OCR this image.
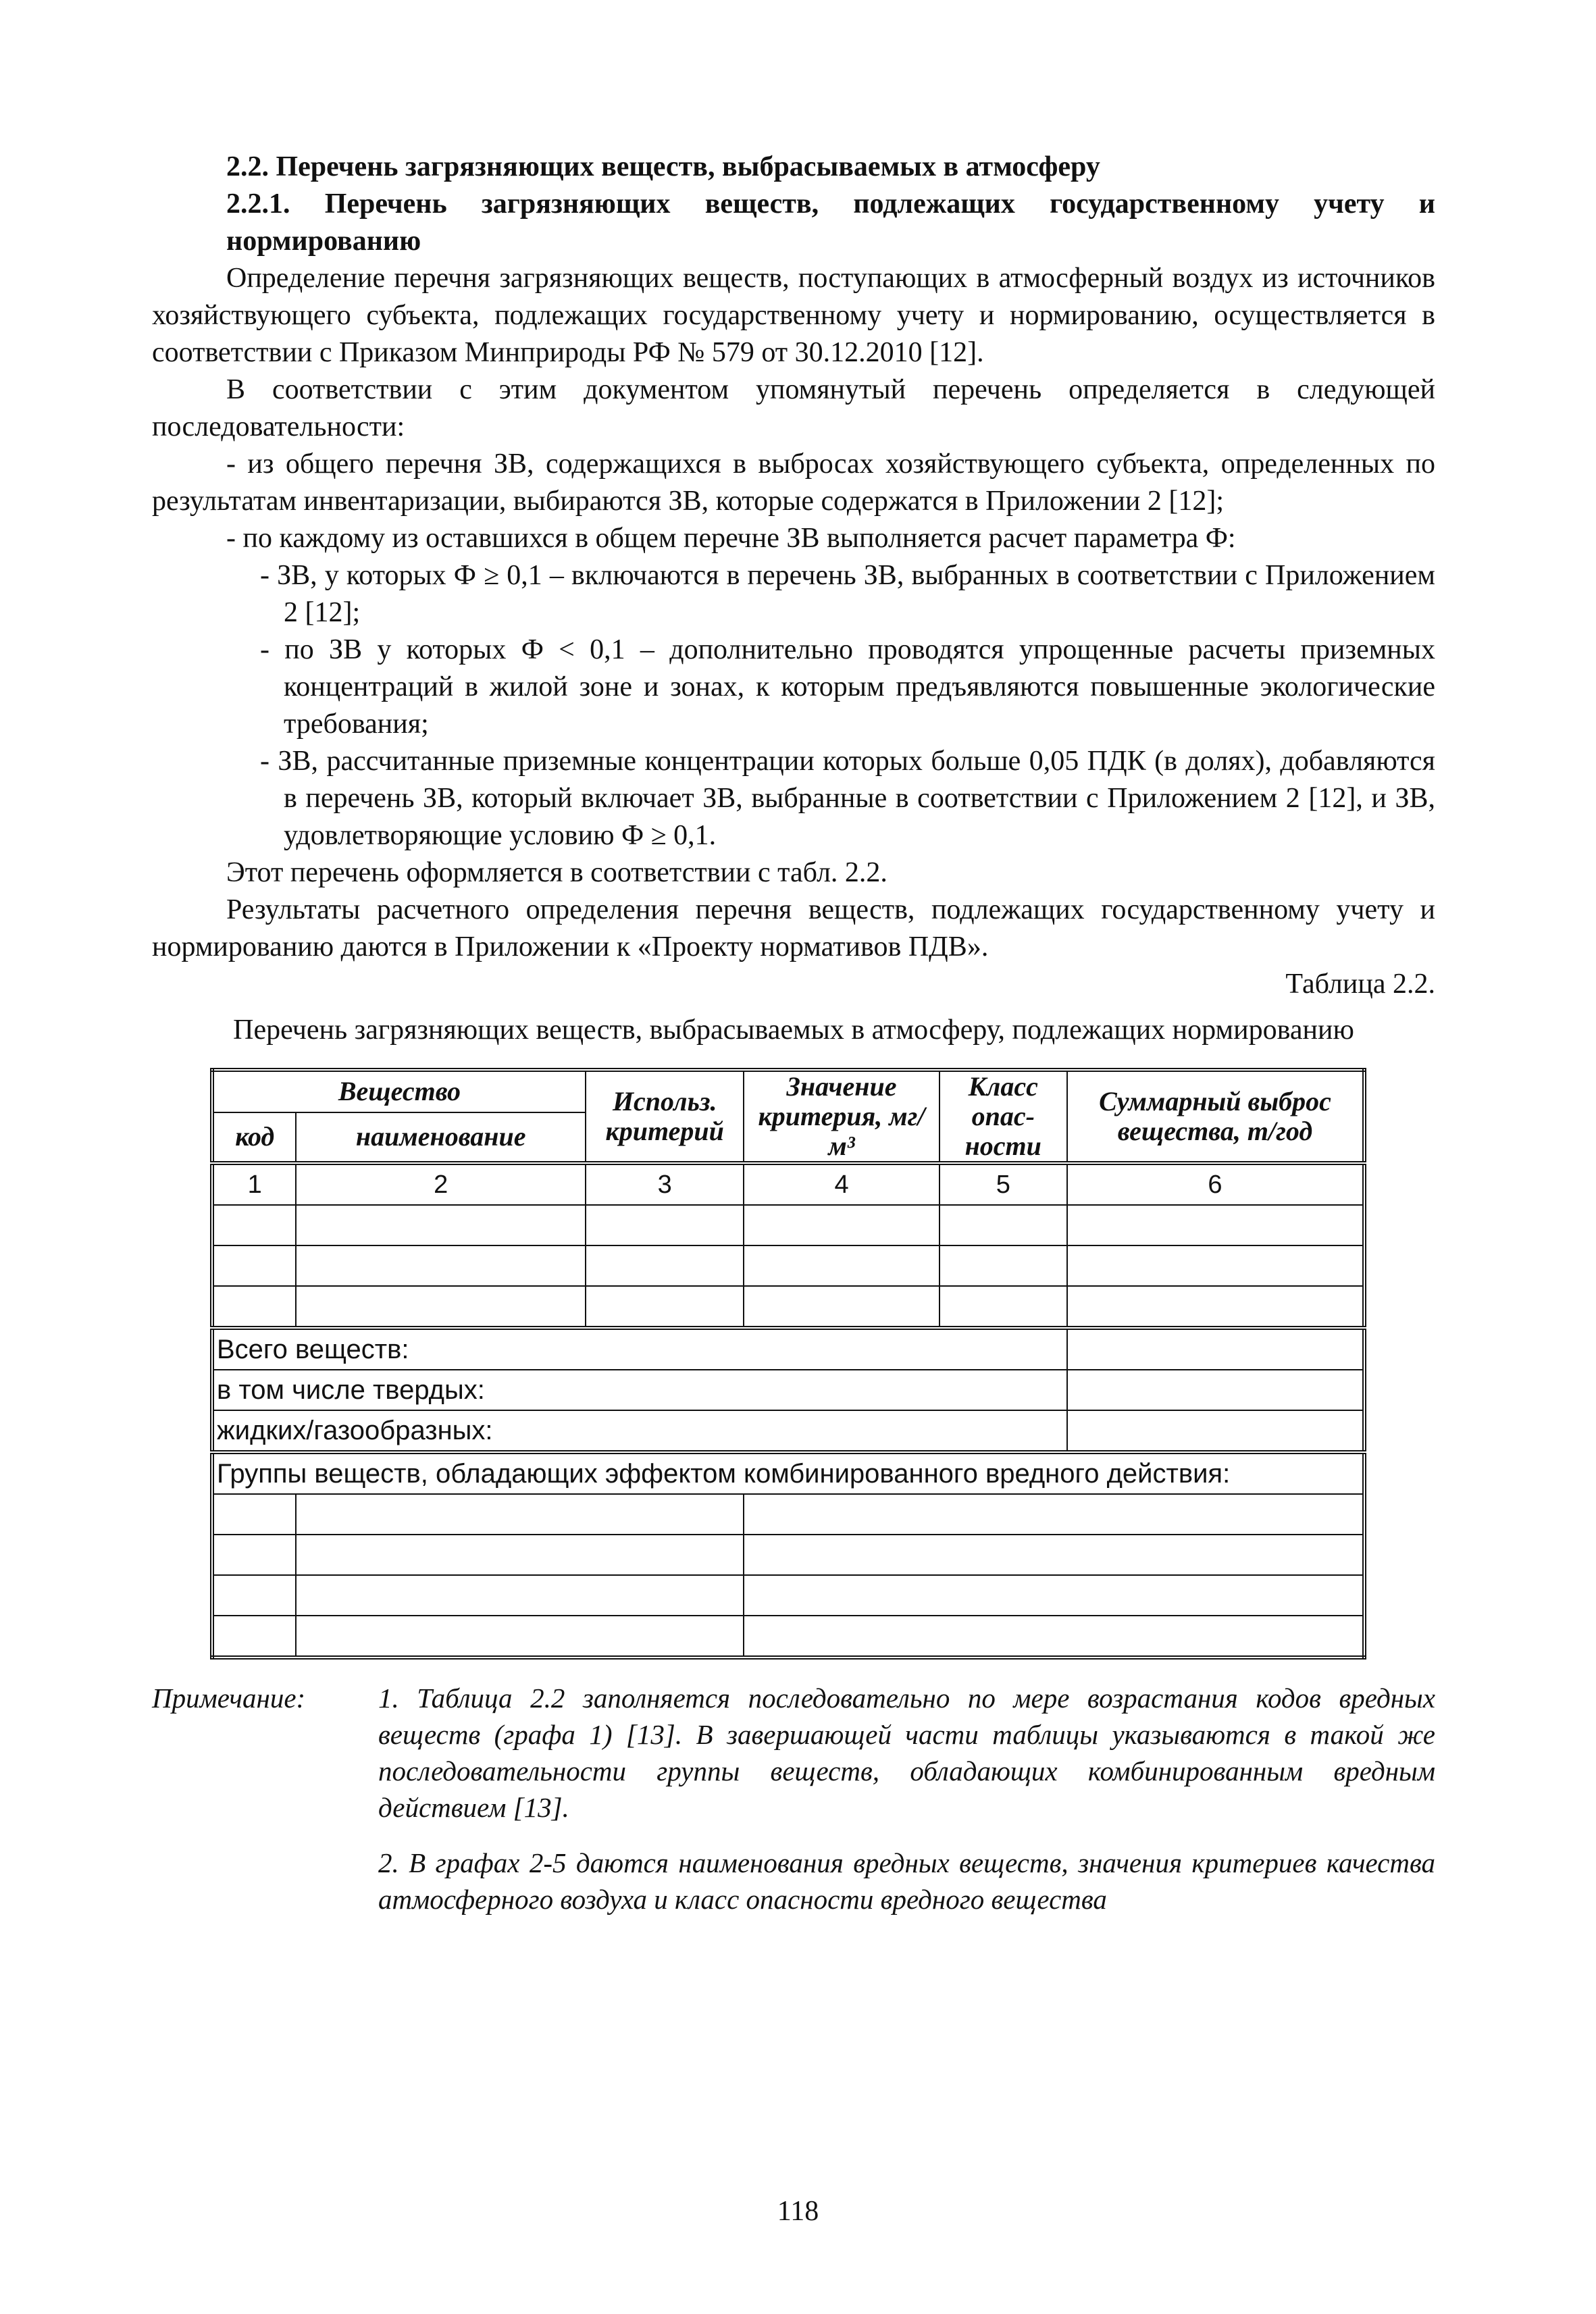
2.2. Перечень загрязняющих веществ, выбрасываемых в атмосферу

2.2.1. Перечень загрязняющих веществ, подлежащих государственному учету и нормированию

Определение перечня загрязняющих веществ, поступающих в атмосферный воздух из источников хозяйствующего субъекта, подлежащих государственному учету и нормированию, осуществляется в соответствии с Приказом Минприроды РФ № 579 от 30.12.2010 [12].

В соответствии с этим документом упомянутый перечень определяется в следующей последовательности:

- из общего перечня ЗВ, содержащихся в выбросах хозяйствующего субъекта, определенных по результатам инвентаризации, выбираются ЗВ, которые содержатся в Приложении 2 [12];

- по каждому из оставшихся в общем перечне ЗВ выполняется расчет параметра Ф:

- ЗВ, у которых Ф ≥ 0,1 – включаются в перечень ЗВ, выбранных в соответствии с Приложением 2 [12];

- по ЗВ у которых Ф < 0,1 – дополнительно проводятся упрощенные расчеты приземных концентраций в жилой зоне и зонах, к которым предъявляются повышенные экологические требования;

- ЗВ, рассчитанные приземные концентрации которых больше 0,05 ПДК (в долях), добавляются в перечень ЗВ, который включает ЗВ, выбранные в соответствии с Приложением 2 [12], и ЗВ, удовлетворяющие условию Ф ≥ 0,1.

Этот перечень оформляется в соответствии с табл. 2.2.

Результаты расчетного определения перечня веществ, подлежащих государственному учету и нормированию даются в Приложении к «Проекту нормативов ПДВ».

Таблица 2.2.

Перечень загрязняющих веществ, выбрасываемых в атмосферу, подлежащих нормированию

Вещество		Использ. критерий	Значение критерия, мг/м³	Класс опас-ности	Суммарный выброс вещества, т/год
код	наименование				
1	2	3	4	5	6

Всего веществ:					
в том числе твердых:					
жидких/газообразных:					
Группы веществ, обладающих эффектом комбинированного вредного действия:					

Примечание:	1. Таблица 2.2 заполняется последовательно по мере возрастания кодов вредных веществ (графа 1) [13]. В завершающей части таблицы указываются в такой же последовательности группы веществ, обладающих комбинированным вредным действием [13].

2. В графах 2-5 даются наименования вредных веществ, значения критериев качества атмосферного воздуха и класс опасности вредного вещества

118
